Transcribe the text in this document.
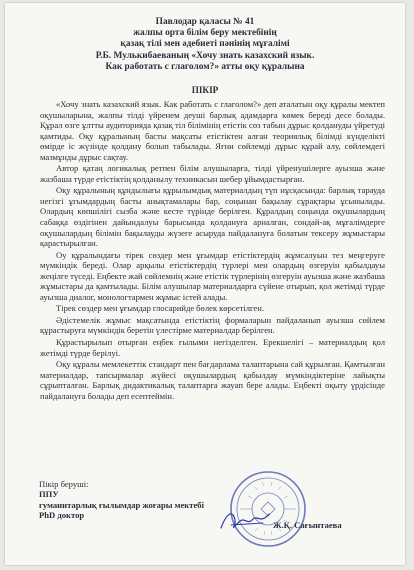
Павлодар қаласы № 41
жалпы орта білім беру мектебінің
қазақ тілі мен әдебиеті пәнінің мұғалімі
Р.Б. Мулькибаеваның «Хочу знать казахский язык.
Как работать с глаголом?» атты оқу құралына
ПІКІР

«Хочу знать казахский язык. Как работать с глаголом?» деп аталатын оқу құралы мектеп оқушыларына, жалпы тілді үйренем деуші барлық адамдарға көмек береді десе болады. Құрал өзге ұлтты аудиторияда қазақ тіл білімінің етістік сөз табын дұрыс қолдануды үйретуді қамтиды. Оқу құралының басты мақсаты етістіктен алған теориялық білімді күнделікті өмірде іс жүзінде қолдану болып табылады. Яғни сөйлемді дұрыс құрай алу, сөйлемдегі мазмұнды дұрыс сақтау.

Автор қатаң логикалық ретпен білім алушыларға, тілді үйренушілерге ауызша және жазбаша түрде етістіктің қолданылу техникасын шебер ұйымдастырған.

Оқу құралының құндылығы құрылымдық материалдың түп нұсқасында: барлық тарауда негізгі ұғымдардың басты анықтамалары бар, соңынан бақылау сұрақтары ұсынылады. Олардың көпшілігі сызба және кесте түрінде берілген. Құралдың соңында оқушылардың сабаққа өздігінен дайындалуы барысында қолдануға арналған, сондай-ақ мұғалімдерге оқушылардың білімін бақылауды жүзеге асыруда пайдалануға болатын тексеру жұмыстары қарастырылған.

Оу құралындағы тірек сөздер мен ұғымдар етістіктердің жұмсалуын тез меңгеруге мүмкіндік береді. Олар арқылы етістіктердің түрлері мен олардың өзгеруін қабылдауы жеңілге түседі. Еңбекте жай сөйлемнің және етістік түрлерінің өзгеруін ауызша және жазбаша жұмыстары да қамтылады. Білім алушылар материалдарға сүйене отырып, қол жетімді түрде ауызша диалог, монологтармен жұмыс істей алады.

Тірек сөздер мен ұғымдар глосарийде бөлек көрсетілген.

Әдістемелік жұмыс мақсатында етістіктің формаларын пайдаланып ауызша сөйлем құрастыруға мүмкіндік беретін үлестірме материалдар берілген.

Құрастырылып отырған еңбек ғылыми негізделген. Ерекшелігі – материалдың қол жетімді түрде берілуі.

Оқу құралы мемлекеттік стандарт пен бағдарлама талаптарына сай құрылған. Қамтылған материалдар, тапсырмалар жүйесі оқушылардың қабылдау мүмкіндіктеріне лайықты сұрыпталған. Барлық дидактикалық талаптарға жауап бере алады. Еңбекті оқыту үрдісінде пайдалануға болады деп есептеймін.

Пікір беруші:
ППУ
гуманитарлық ғылымдар жоғары мектебі
PhD доктор
Ж.Қ. Сағынтаева
